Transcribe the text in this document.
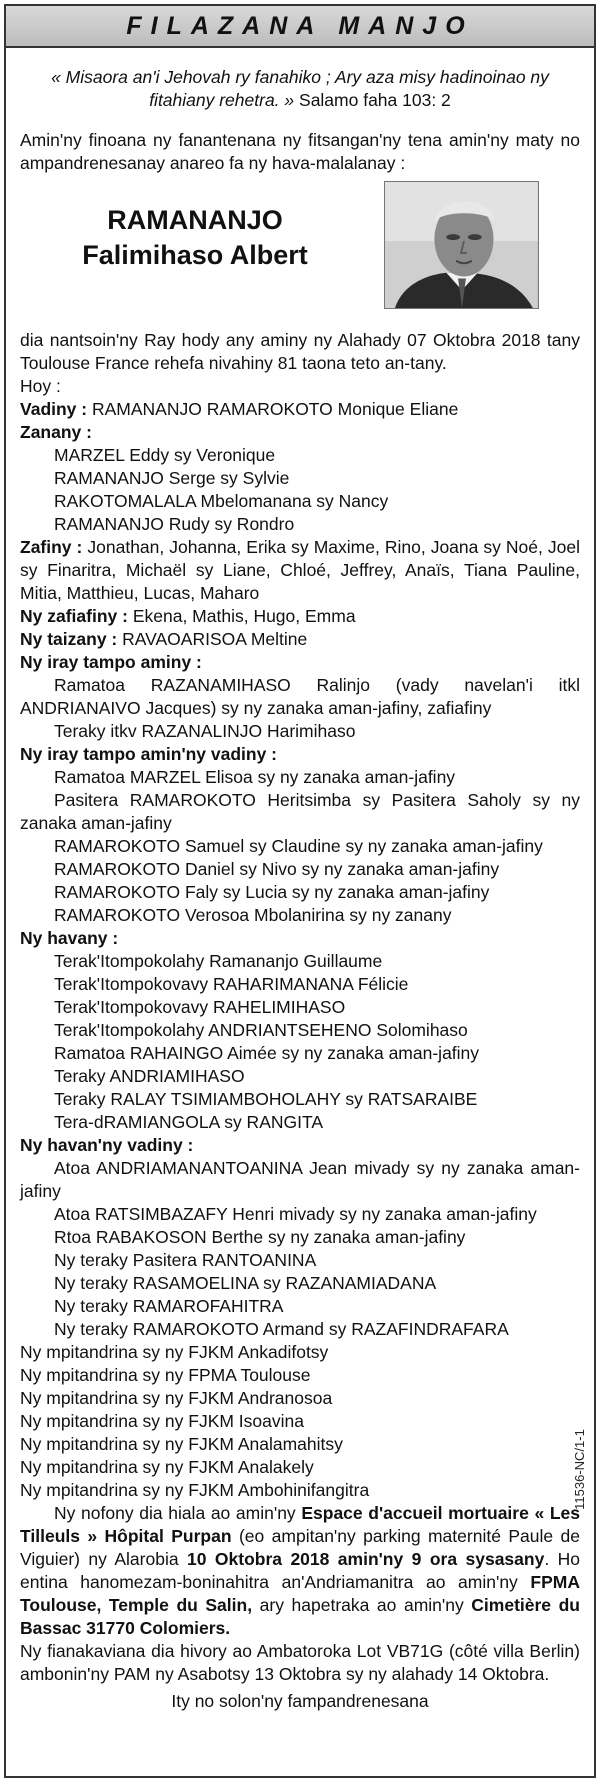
FILAZANA MANJO
« Misaora an'i Jehovah ry fanahiko ; Ary aza misy hadinoinao ny fitahiany rehetra. » Salamo faha 103: 2

Amin'ny finoana ny fanantenana ny fitsangan'ny tena amin'ny maty no ampandrenesanay anareo fa ny hava-malalanay :

RAMANANJO
Falimihaso Albert

dia nantsoin'ny Ray hody any aminy ny Alahady 07 Oktobra 2018 tany Toulouse France rehefa nivahiny 81 taona teto an-tany.

Hoy :

Vadiny : RAMANANJO RAMAROKOTO Monique Eliane

Zanany :

MARZEL Eddy sy Veronique

RAMANANJO Serge sy Sylvie

RAKOTOMALALA Mbelomanana sy Nancy

RAMANANJO Rudy sy Rondro

Zafiny : Jonathan, Johanna, Erika sy Maxime, Rino, Joana sy Noé, Joel sy Finaritra, Michaël sy Liane, Chloé, Jeffrey, Anaïs, Tiana Pauline, Mitia, Matthieu, Lucas, Maharo

Ny zafiafiny : Ekena, Mathis, Hugo, Emma

Ny taizany : RAVAOARISOA Meltine

Ny iray tampo aminy :

Ramatoa RAZANAMIHASO Ralinjo (vady navelan'i itkl ANDRIANAIVO Jacques) sy ny zanaka aman-jafiny, zafiafiny

Teraky itkv RAZANALINJO Harimihaso

Ny iray tampo amin'ny vadiny :

Ramatoa MARZEL Elisoa sy ny zanaka aman-jafiny

Pasitera RAMAROKOTO Heritsimba sy Pasitera Saholy sy ny zanaka aman-jafiny

RAMAROKOTO Samuel sy Claudine sy ny zanaka aman-jafiny

RAMAROKOTO Daniel sy Nivo sy ny zanaka aman-jafiny

RAMAROKOTO Faly sy Lucia sy ny zanaka aman-jafiny

RAMAROKOTO Verosoa Mbolanirina sy ny zanany

Ny havany :

Terak'Itompokolahy Ramananjo Guillaume

Terak'Itompokovavy RAHARIMANANA Félicie

Terak'Itompokovavy RAHELIMIHASO

Terak'Itompokolahy ANDRIANTSEHENO Solomihaso

Ramatoa RAHAINGO Aimée sy ny zanaka aman-jafiny

Teraky ANDRIAMIHASO

Teraky RALAY TSIMIAMBOHOLAHY sy RATSARAIBE

Tera-dRAMIANGOLA sy RANGITA

Ny havan'ny vadiny :

Atoa ANDRIAMANANTOANINA Jean mivady sy ny zanaka aman-jafiny

Atoa RATSIMBAZAFY Henri mivady sy ny zanaka aman-jafiny

Rtoa RABAKOSON Berthe sy ny zanaka aman-jafiny

Ny teraky Pasitera RANTOANINA

Ny teraky RASAMOELINA sy RAZANAMIADANA

Ny teraky RAMAROFAHITRA

Ny teraky RAMAROKOTO Armand sy RAZAFINDRAFARA

Ny mpitandrina sy ny FJKM Ankadifotsy

Ny mpitandrina sy ny FPMA Toulouse

Ny mpitandrina sy ny FJKM Andranosoa

Ny mpitandrina sy ny FJKM Isoavina

Ny mpitandrina sy ny FJKM Analamahitsy

Ny mpitandrina sy ny FJKM Analakely

Ny mpitandrina sy ny FJKM Ambohinifangitra

Ny nofony dia hiala ao amin'ny Espace d'accueil mortuaire « Les Tilleuls » Hôpital Purpan (eo ampitan'ny parking maternité Paule de Viguier) ny Alarobia 10 Oktobra 2018 amin'ny 9 ora sysasany. Ho entina hanomezam-boninahitra an'Andriamanitra ao amin'ny FPMA Toulouse, Temple du Salin, ary hapetraka ao amin'ny Cimetière du Bassac 31770 Colomiers.

Ny fianakaviana dia hivory ao Ambatoroka Lot VB71G (côté villa Berlin) ambonin'ny PAM ny Asabotsy 13 Oktobra sy ny alahady 14 Oktobra.

Ity no solon'ny fampandrenesana

11536-NC/1-1
